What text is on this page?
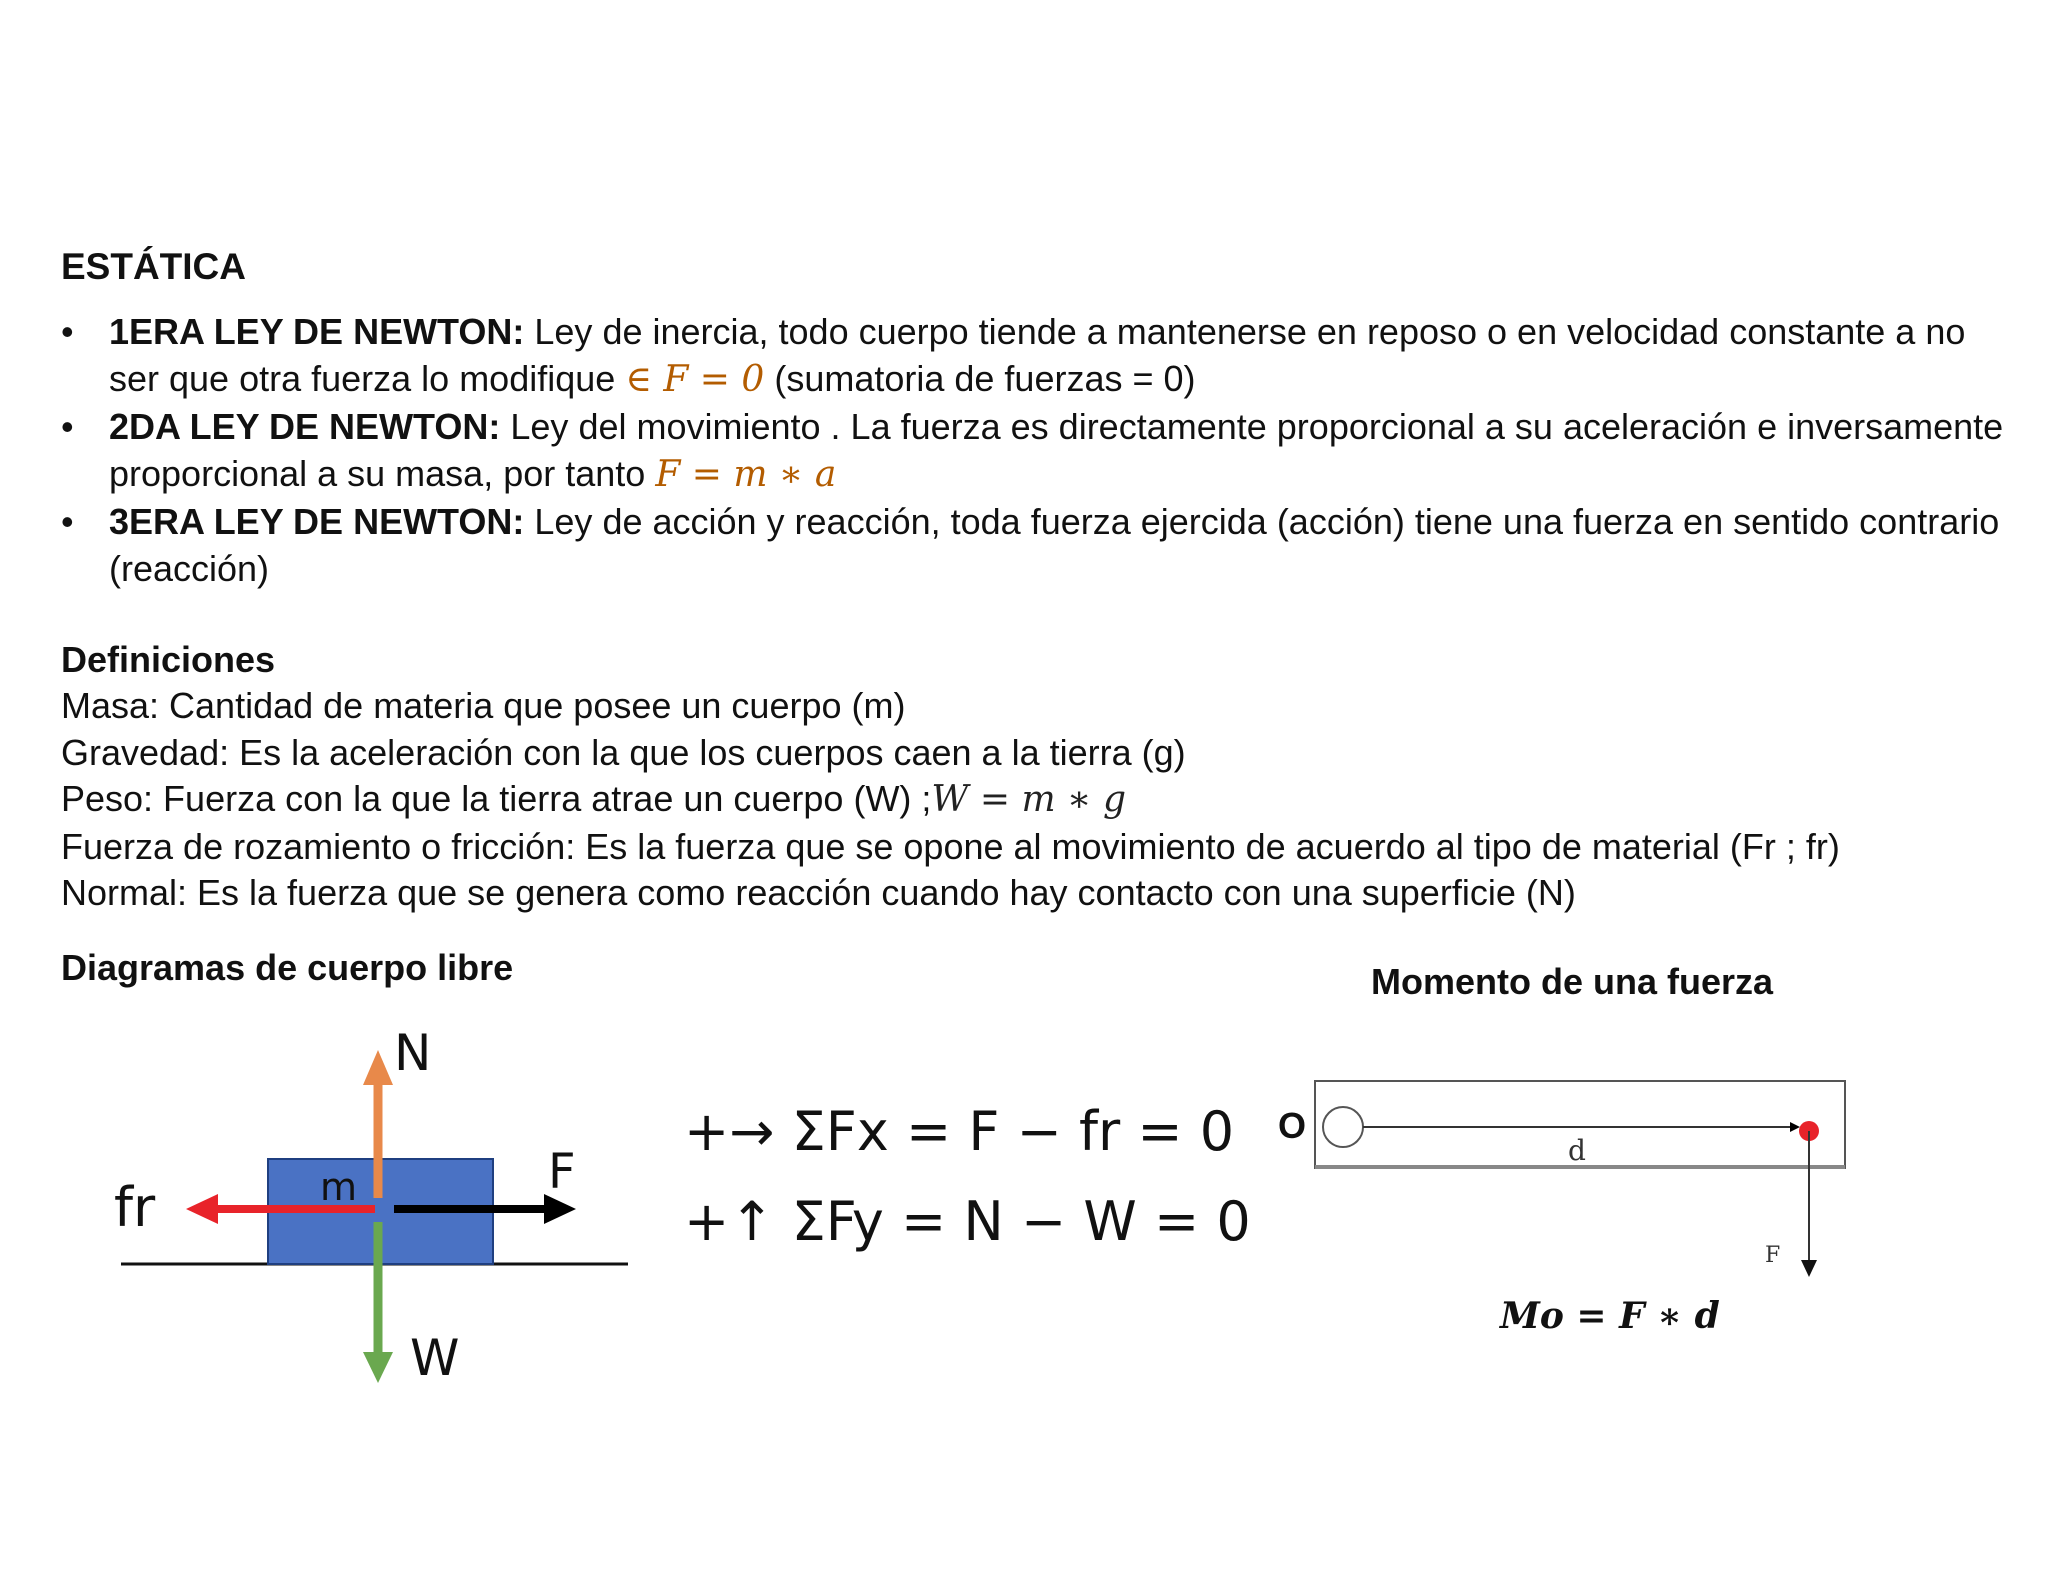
ESTÁTICA
• 1ERA LEY DE NEWTON: Ley de inercia, todo cuerpo tiende a mantenerse en reposo o en velocidad constante a no ser que otra fuerza lo modifique ∈ F = 0 (sumatoria de fuerzas = 0)
• 2DA LEY DE NEWTON: Ley del movimiento . La fuerza es directamente proporcional a su aceleración e inversamente proporcional a su masa, por tanto F = m ∗ a
• 3ERA LEY DE NEWTON: Ley de acción y reacción, toda fuerza ejercida (acción) tiene una fuerza en sentido contrario (reacción)
Definiciones
Masa: Cantidad de materia que posee un cuerpo (m)
Gravedad: Es la aceleración con la que los cuerpos caen a la tierra (g)
Peso: Fuerza con la que la tierra atrae un cuerpo (W) ;W = m ∗ g
Fuerza de rozamiento o fricción: Es la fuerza que se opone al movimiento de acuerdo al tipo de material (Fr ; fr)
Normal: Es la fuerza que se genera como reacción cuando hay contacto con una superficie (N)
Diagramas de cuerpo libre	Momento de una fuerza
m
N
F
fr
W
+→ ΣFx = F − fr = 0
+↑ ΣFy = N − W = 0
O
d
F
Mo = F ∗ d
